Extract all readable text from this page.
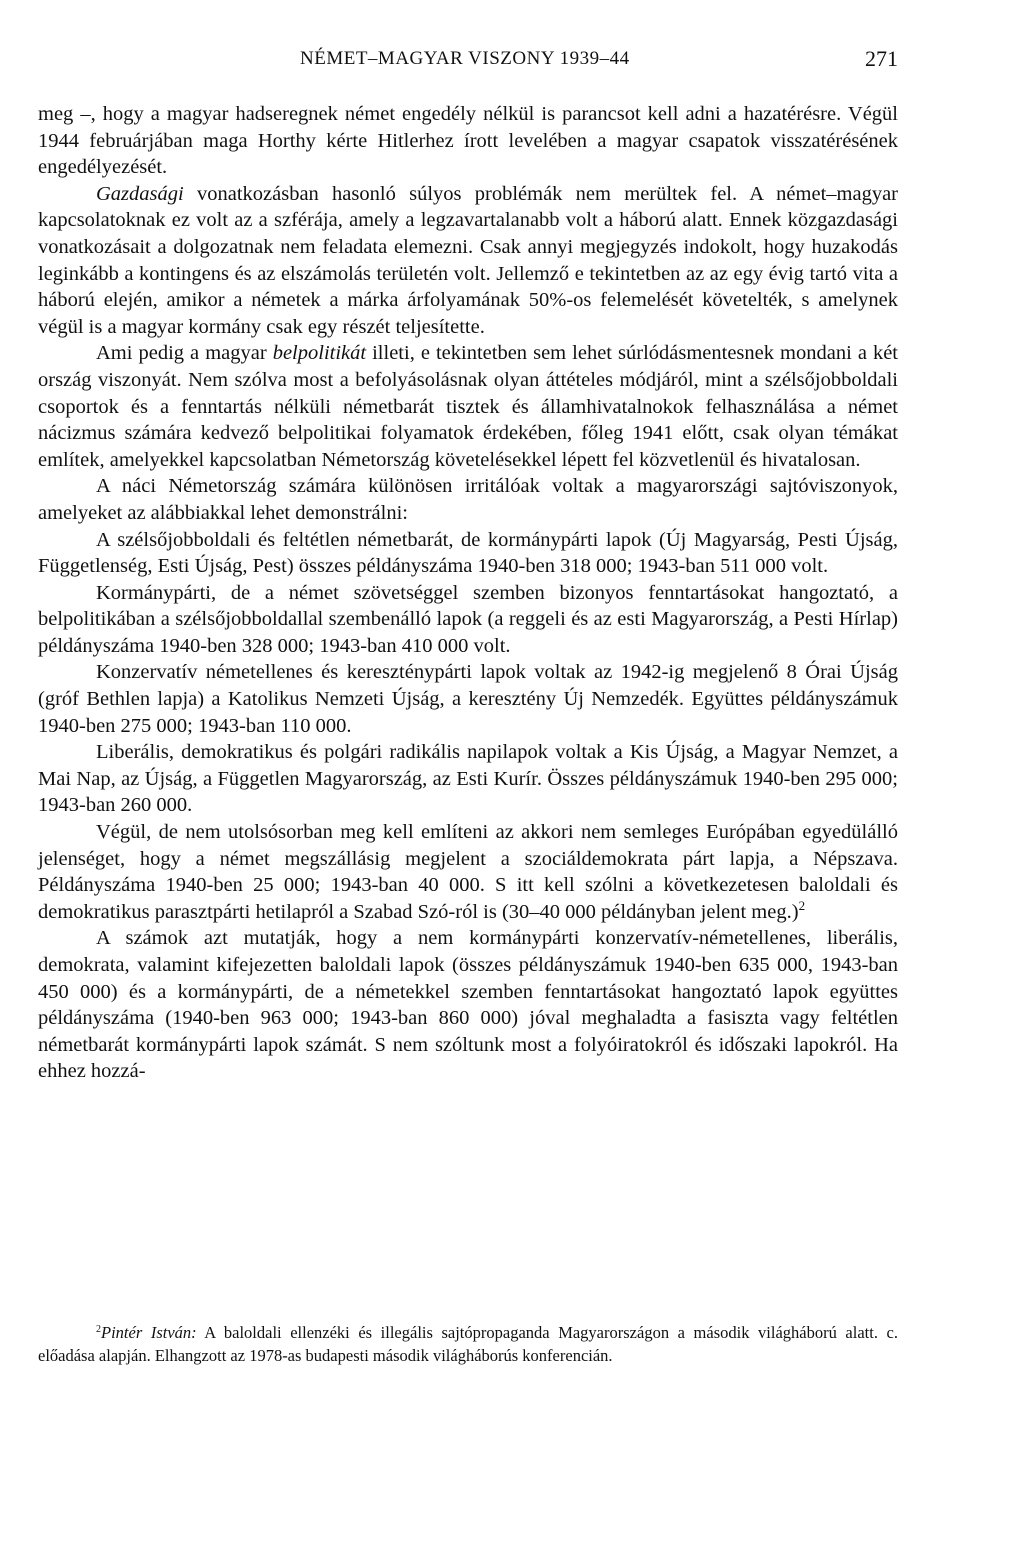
NÉMET–MAGYAR VISZONY 1939–44	271

meg –, hogy a magyar hadseregnek német engedély nélkül is parancsot kell adni a hazatérésre. Végül 1944 februárjában maga Horthy kérte Hitlerhez írott levelében a magyar csapatok visszatérésének engedélyezését.

Gazdasági vonatkozásban hasonló súlyos problémák nem merültek fel. A német–magyar kapcsolatoknak ez volt az a szférája, amely a legzavartalanabb volt a háború alatt. Ennek közgazdasági vonatkozásait a dolgozatnak nem feladata elemezni. Csak annyi megjegyzés indokolt, hogy huzakodás leginkább a kontingens és az elszámolás területén volt. Jellemző e tekintetben az az egy évig tartó vita a háború elején, amikor a németek a márka árfolyamának 50%-os felemelését követelték, s amelynek végül is a magyar kormány csak egy részét teljesítette.

Ami pedig a magyar belpolitikát illeti, e tekintetben sem lehet súrlódásmentesnek mondani a két ország viszonyát. Nem szólva most a befolyásolásnak olyan áttételes módjáról, mint a szélsőjobboldali csoportok és a fenntartás nélküli németbarát tisztek és államhivatalnokok felhasználása a német nácizmus számára kedvező belpolitikai folyamatok érdekében, főleg 1941 előtt, csak olyan témákat említek, amelyekkel kapcsolatban Németország követelésekkel lépett fel közvetlenül és hivatalosan.

A náci Németország számára különösen irritálóak voltak a magyarországi sajtóviszonyok, amelyeket az alábbiakkal lehet demonstrálni:

A szélsőjobboldali és feltétlen németbarát, de kormánypárti lapok (Új Magyarság, Pesti Újság, Függetlenség, Esti Újság, Pest) összes példányszáma 1940-ben 318 000; 1943-ban 511 000 volt.

Kormánypárti, de a német szövetséggel szemben bizonyos fenntartásokat hangoztató, a belpolitikában a szélsőjobboldallal szembenálló lapok (a reggeli és az esti Magyarország, a Pesti Hírlap) példányszáma 1940-ben 328 000; 1943-ban 410 000 volt.

Konzervatív németellenes és kereszténypárti lapok voltak az 1942-ig megjelenő 8 Órai Újság (gróf Bethlen lapja) a Katolikus Nemzeti Újság, a keresztény Új Nemzedék. Együttes példányszámuk 1940-ben 275 000; 1943-ban 110 000.

Liberális, demokratikus és polgári radikális napilapok voltak a Kis Újság, a Magyar Nemzet, a Mai Nap, az Újság, a Független Magyarország, az Esti Kurír. Összes példányszámuk 1940-ben 295 000; 1943-ban 260 000.

Végül, de nem utolsósorban meg kell említeni az akkori nem semleges Európában egyedülálló jelenséget, hogy a német megszállásig megjelent a szociáldemokrata párt lapja, a Népszava. Példányszáma 1940-ben 25 000; 1943-ban 40 000. S itt kell szólni a következetesen baloldali és demokratikus parasztpárti hetilapról a Szabad Szó-ról is (30–40 000 példányban jelent meg.)$^2$

A számok azt mutatják, hogy a nem kormánypárti konzervatív-németellenes, liberális, demokrata, valamint kifejezetten baloldali lapok (összes példányszámuk 1940-ben 635 000, 1943-ban 450 000) és a kormánypárti, de a németekkel szemben fenntartásokat hangoztató lapok együttes példányszáma (1940-ben 963 000; 1943-ban 860 000) jóval meghaladta a fasiszta vagy feltétlen németbarát kormánypárti lapok számát. S nem szóltunk most a folyóiratokról és időszaki lapokról. Ha ehhez hozzá-

$^2$Pintér István: A baloldali ellenzéki és illegális sajtópropaganda Magyarországon a második világháború alatt. c. előadása alapján. Elhangzott az 1978-as budapesti második világháborús konferencián.
